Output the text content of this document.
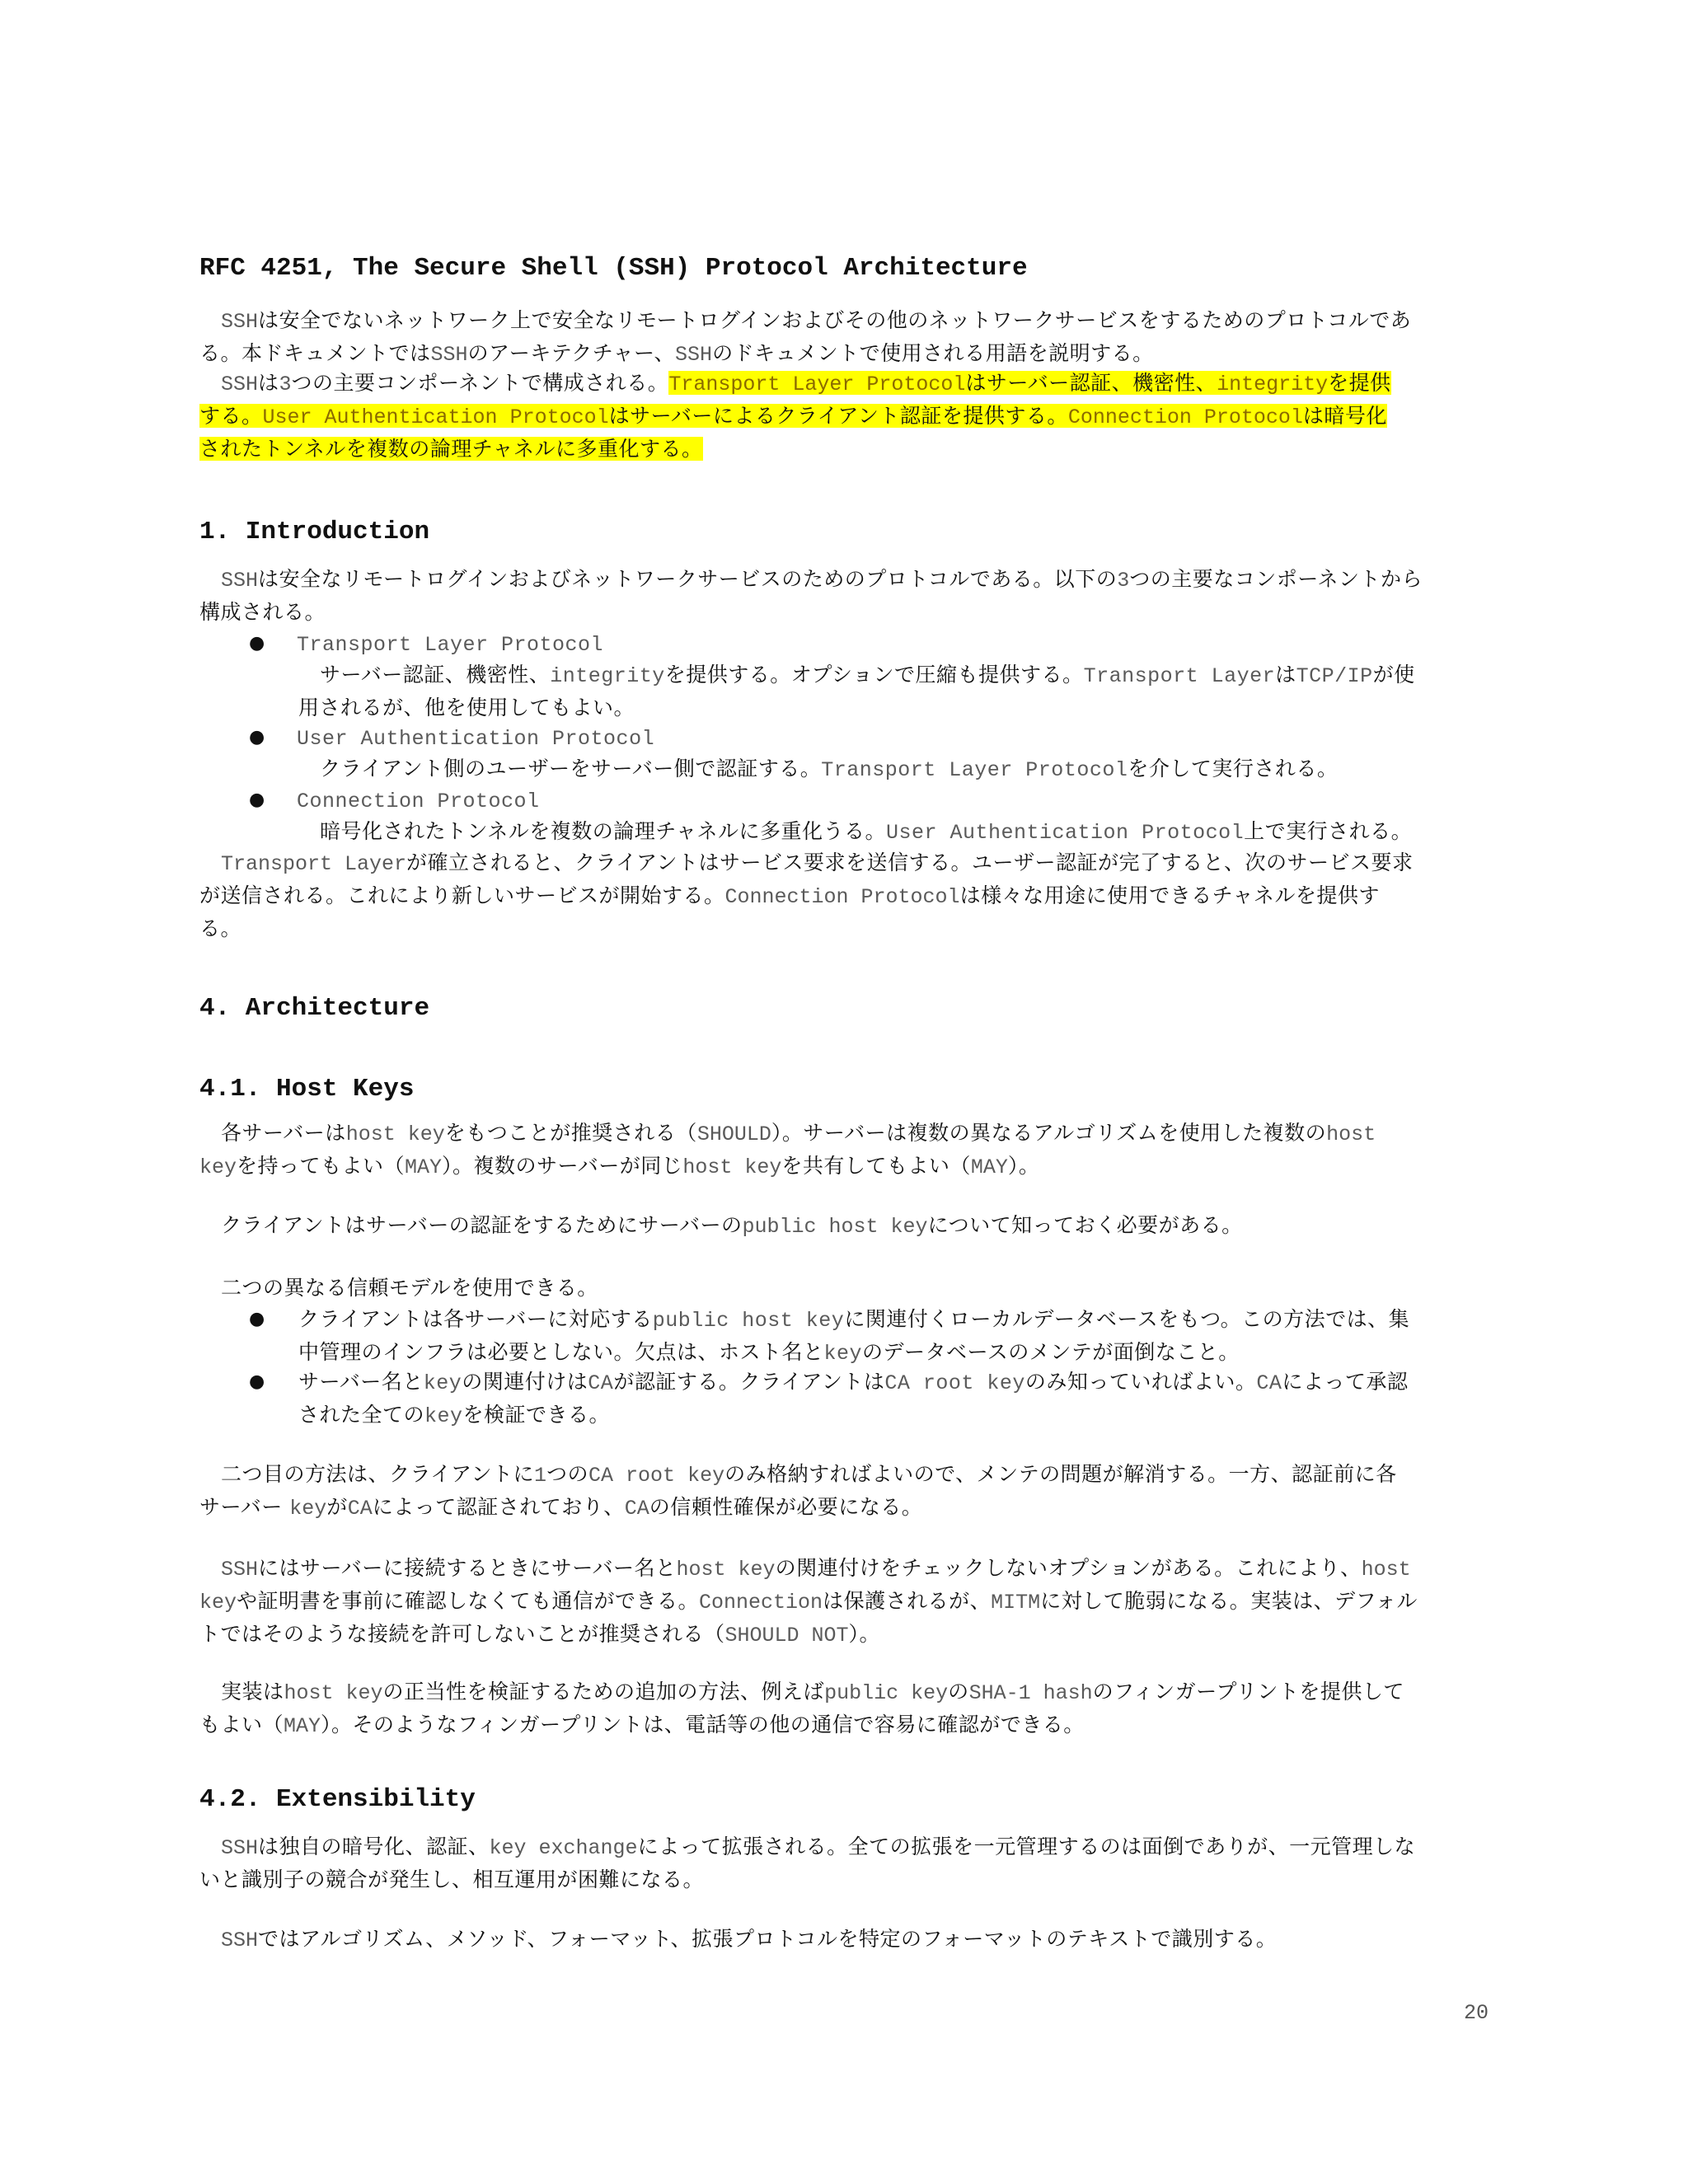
RFC 4251, The Secure Shell (SSH) Protocol Architecture
SSHは安全でないネットワーク上で安全なリモートログインおよびその他のネットワークサービスをするためのプロトコルであ
る。本ドキュメントではSSHのアーキテクチャー、SSHのドキュメントで使用される用語を説明する。
SSHは3つの主要コンポーネントで構成される。Transport Layer Protocolはサーバー認証、機密性、integrityを提供
する。User Authentication Protocolはサーバーによるクライアント認証を提供する。Connection Protocolは暗号化
されたトンネルを複数の論理チャネルに多重化する。
1. Introduction
SSHは安全なリモートログインおよびネットワークサービスのためのプロトコルである。以下の3つの主要なコンポーネントから
構成される。
● Transport Layer Protocol
サーバー認証、機密性、integrityを提供する。オプションで圧縮も提供する。Transport LayerはTCP/IPが使
用されるが、他を使用してもよい。
● User Authentication Protocol
クライアント側のユーザーをサーバー側で認証する。Transport Layer Protocolを介して実行される。
● Connection Protocol
暗号化されたトンネルを複数の論理チャネルに多重化うる。User Authentication Protocol上で実行される。
Transport Layerが確立されると、クライアントはサービス要求を送信する。ユーザー認証が完了すると、次のサービス要求
が送信される。これにより新しいサービスが開始する。Connection Protocolは様々な用途に使用できるチャネルを提供す
る。
4. Architecture
4.1. Host Keys
各サーバーはhost keyをもつことが推奨される（SHOULD）。サーバーは複数の異なるアルゴリズムを使用した複数のhost
keyを持ってもよい（MAY）。複数のサーバーが同じhost keyを共有してもよい（MAY）。
クライアントはサーバーの認証をするためにサーバーのpublic host keyについて知っておく必要がある。
二つの異なる信頼モデルを使用できる。
● クライアントは各サーバーに対応するpublic host keyに関連付くローカルデータベースをもつ。この方法では、集
中管理のインフラは必要としない。欠点は、ホスト名とkeyのデータベースのメンテが面倒なこと。
● サーバー名とkeyの関連付けはCAが認証する。クライアントはCA root keyのみ知っていればよい。CAによって承認
された全てのkeyを検証できる。
二つ目の方法は、クライアントに1つのCA root keyのみ格納すればよいので、メンテの問題が解消する。一方、認証前に各
サーバー keyがCAによって認証されており、CAの信頼性確保が必要になる。
SSHにはサーバーに接続するときにサーバー名とhost keyの関連付けをチェックしないオプションがある。これにより、host
keyや証明書を事前に確認しなくても通信ができる。Connectionは保護されるが、MITMに対して脆弱になる。実装は、デフォル
トではそのような接続を許可しないことが推奨される（SHOULD NOT）。
実装はhost keyの正当性を検証するための追加の方法、例えばpublic keyのSHA-1 hashのフィンガープリントを提供して
もよい（MAY）。そのようなフィンガープリントは、電話等の他の通信で容易に確認ができる。
4.2. Extensibility
SSHは独自の暗号化、認証、key exchangeによって拡張される。全ての拡張を一元管理するのは面倒でありが、一元管理しな
いと識別子の競合が発生し、相互運用が困難になる。
SSHではアルゴリズム、メソッド、フォーマット、拡張プロトコルを特定のフォーマットのテキストで識別する。
20
